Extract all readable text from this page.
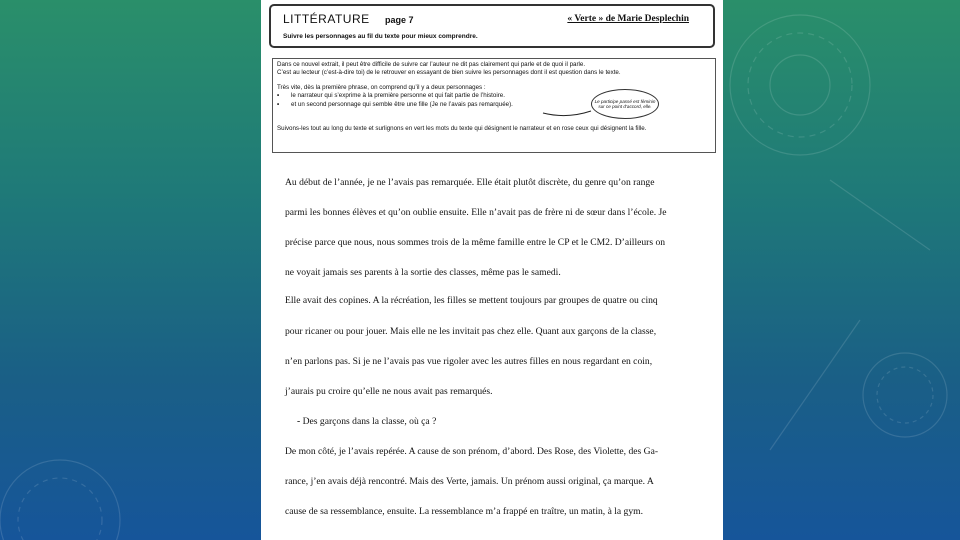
LITTÉRATURE page 7	« Verte » de Marie Desplechin
Suivre les personnages au fil du texte pour mieux comprendre.

Dans ce nouvel extrait, il peut être difficile de suivre car l’auteur ne dit pas clairement qui parle et de quoi il parle.

C’est au lecteur (c’est-à-dire toi) de le retrouver en essayant de bien suivre les personnages dont il est question dans le texte.

Très vite, dès la première phrase, on comprend qu’il y a deux personnages :

• le narrateur qui s’exprime à la première personne et qui fait partie de l’histoire.
• et un second personnage qui semble être une fille (Je ne l’avais pas remarquée).	Le participe passé est féminin sur ce point d’accord, elle.

Suivons-les tout au long du texte et surlignons en vert les mots du texte qui désignent le narrateur et en rose ceux qui désignent la fille.

Au début de l’année, je ne l’avais pas remarquée. Elle était plutôt discrète, du genre qu’on range
parmi les bonnes élèves et qu’on oublie ensuite. Elle n’avait pas de frère ni de sœur dans l’école. Je
précise parce que nous, nous sommes trois de la même famille entre le CP et le CM2. D’ailleurs on
ne voyait jamais ses parents à la sortie des classes, même pas le samedi.
Elle avait des copines. A la récréation, les filles se mettent toujours par groupes de quatre ou cinq
pour ricaner ou pour jouer. Mais elle ne les invitait pas chez elle. Quant aux garçons de la classe,
n’en parlons pas. Si je ne l’avais pas vue rigoler avec les autres filles en nous regardant en coin,
j’aurais pu croire qu’elle ne nous avait pas remarqués.
- Des garçons dans la classe, où ça ?
De mon côté, je l’avais repérée. A cause de son prénom, d’abord. Des Rose, des Violette, des Ga-
rance, j’en avais déjà rencontré. Mais des Verte, jamais. Un prénom aussi original, ça marque. A
cause de sa ressemblance, ensuite. La ressemblance m’a frappé en traître, un matin, à la gym.
